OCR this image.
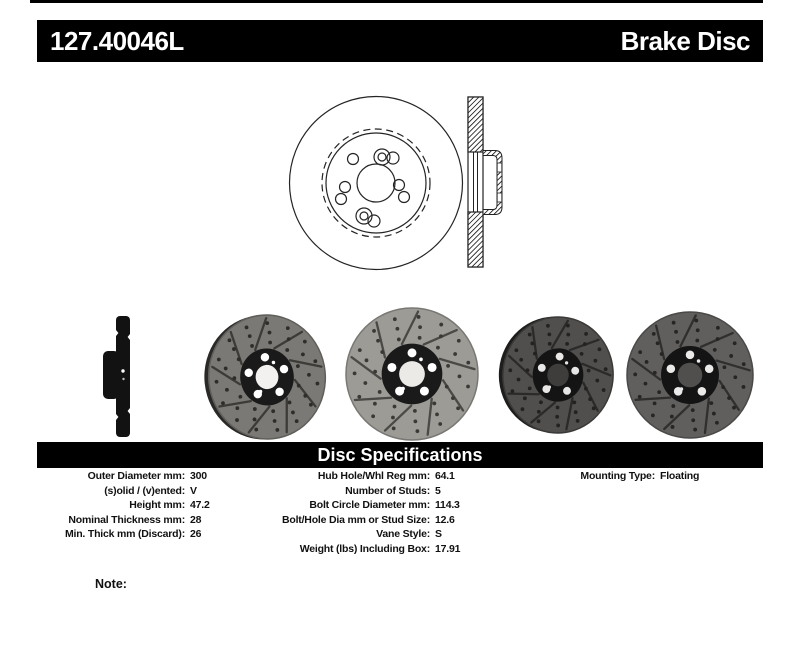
127.40046L	Brake Disc
Disc Specifications
Outer Diameter mm: 300
(s)olid / (v)ented: V
Height mm: 47.2
Nominal Thickness mm: 28
Min. Thick mm (Discard): 26
Hub Hole/Whl Reg mm: 64.1
Number of Studs: 5
Bolt Circle Diameter mm: 114.3
Bolt/Hole Dia mm or Stud Size: 12.6
Vane Style: S
Weight (lbs) Including Box: 17.91
Mounting Type: Floating
Note:
